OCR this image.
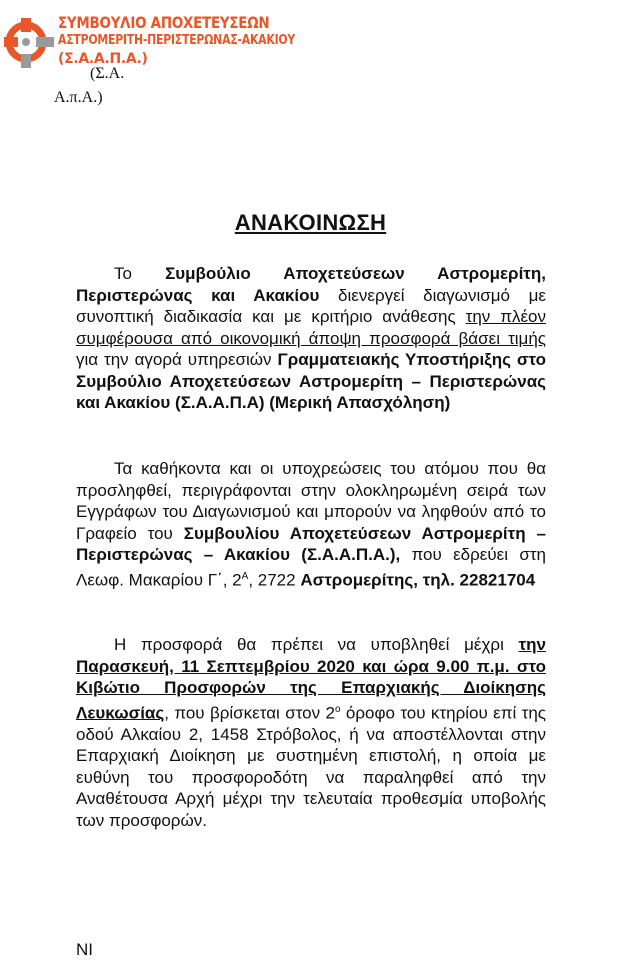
ΣΥΜΒΟΥΛΙΟ ΑΠΟΧΕΤΕΥΣΕΩΝ
ΑΣΤΡΟΜΕΡΙΤΗ-ΠΕΡΙΣΤΕΡΩΝΑΣ-ΑΚΑΚΙΟΥ
(Σ.Α.Α.Π.Α.)
(Σ.Α.
Α.π.Α.)
ΑΝΑΚΟΙΝΩΣΗ
Το Συμβούλιο Αποχετεύσεων Αστρομερίτη, Περιστερώνας και Ακακίου διενεργεί διαγωνισμό με συνοπτική διαδικασία και με κριτήριο ανάθεσης την πλέον συμφέρουσα από οικονομική άποψη προσφορά βάσει τιμής για την αγορά υπηρεσιών Γραμματειακής Υποστήριξης στο Συμβούλιο Αποχετεύσεων Αστρομερίτη – Περιστερώνας και Ακακίου (Σ.Α.Α.Π.Α) (Μερική Απασχόληση)
Τα καθήκοντα και οι υποχρεώσεις του ατόμου που θα προσληφθεί, περιγράφονται στην ολοκληρωμένη σειρά των Εγγράφων του Διαγωνισμού και μπορούν να ληφθούν από το Γραφείο του Συμβουλίου Αποχετεύσεων Αστρομερίτη – Περιστερώνας – Ακακίου (Σ.Α.Α.Π.Α.), που εδρεύει στη Λεωφ. Μακαρίου Γ΄, $2^A$, 2722 Αστρομερίτης, τηλ. 22821704
Η προσφορά θα πρέπει να υποβληθεί μέχρι την Παρασκευή, 11 Σεπτεμβρίου 2020 και ώρα 9.00 π.μ. στο Κιβώτιο Προσφορών της Επαρχιακής Διοίκησης Λευκωσίας, που βρίσκεται στον $2^o$ όροφο του κτηρίου επί της οδού Αλκαίου 2, 1458 Στρόβολος, ή να αποστέλλονται στην Επαρχιακή Διοίκηση με συστημένη επιστολή, η οποία με ευθύνη του προσφοροδότη να παραληφθεί από την Αναθέτουσα Αρχή μέχρι την τελευταία προθεσμία υποβολής των προσφορών.
NI
